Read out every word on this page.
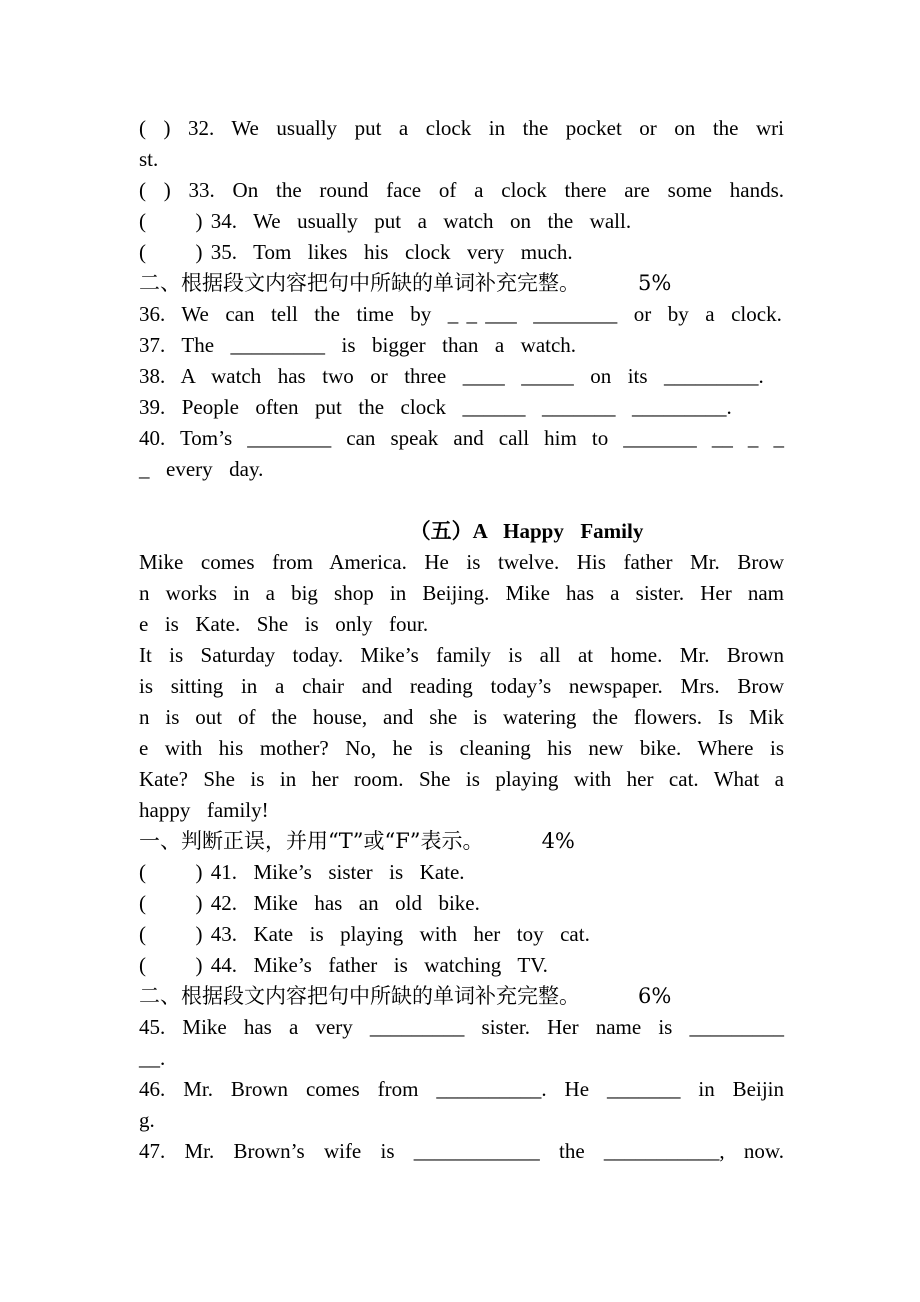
( ) 32. We usually put a clock in the pocket or on the wri
st.
( ) 33. On the round face of a clock there are some hands.
(      ) 34.  We  usually  put  a  watch  on  the  wall.
(      ) 35.  Tom  likes  his  clock  very  much.
二、根据段文内容把句中所缺的单词补充完整。      5%
36.  We  can  tell  the  time  by  _ _ ___  ________  or  by  a  clock.
37.  The  _________  is  bigger  than  a  watch.
38.  A  watch  has  two  or  three  ____  _____  on  its  _________.
39.  People  often  put  the  clock  ______  _______  _________.
40. Tom’s ________ can speak and call him to _______ __ _ _
_  every  day.
（五）A  Happy  Family
Mike comes from America. He is twelve. His father Mr. Brow
n works in a big shop in Beijing. Mike has a sister. Her nam
e  is  Kate.  She  is  only  four.
It is Saturday today. Mike’s family is all at home. Mr. Brown
is sitting in a chair and reading today’s newspaper. Mrs. Brow
n is out of the house, and she is watering the flowers. Is Mik
e with his mother? No, he is cleaning his new bike. Where is
Kate? She is in her room. She is playing with her cat. What a
happy  family!
一、判断正误，并用“T”或“F”表示。      4%
(      ) 41.  Mike’s  sister  is  Kate.
(      ) 42.  Mike  has  an  old  bike.
(      ) 43.  Kate  is  playing  with  her  toy  cat.
(      ) 44.  Mike’s  father  is  watching  TV.
二、根据段文内容把句中所缺的单词补充完整。      6%
45. Mike has a very _________ sister. Her name is _________
__.
46. Mr. Brown comes from __________. He _______ in Beijin
g.
47. Mr. Brown’s wife is ____________ the ___________, now.
